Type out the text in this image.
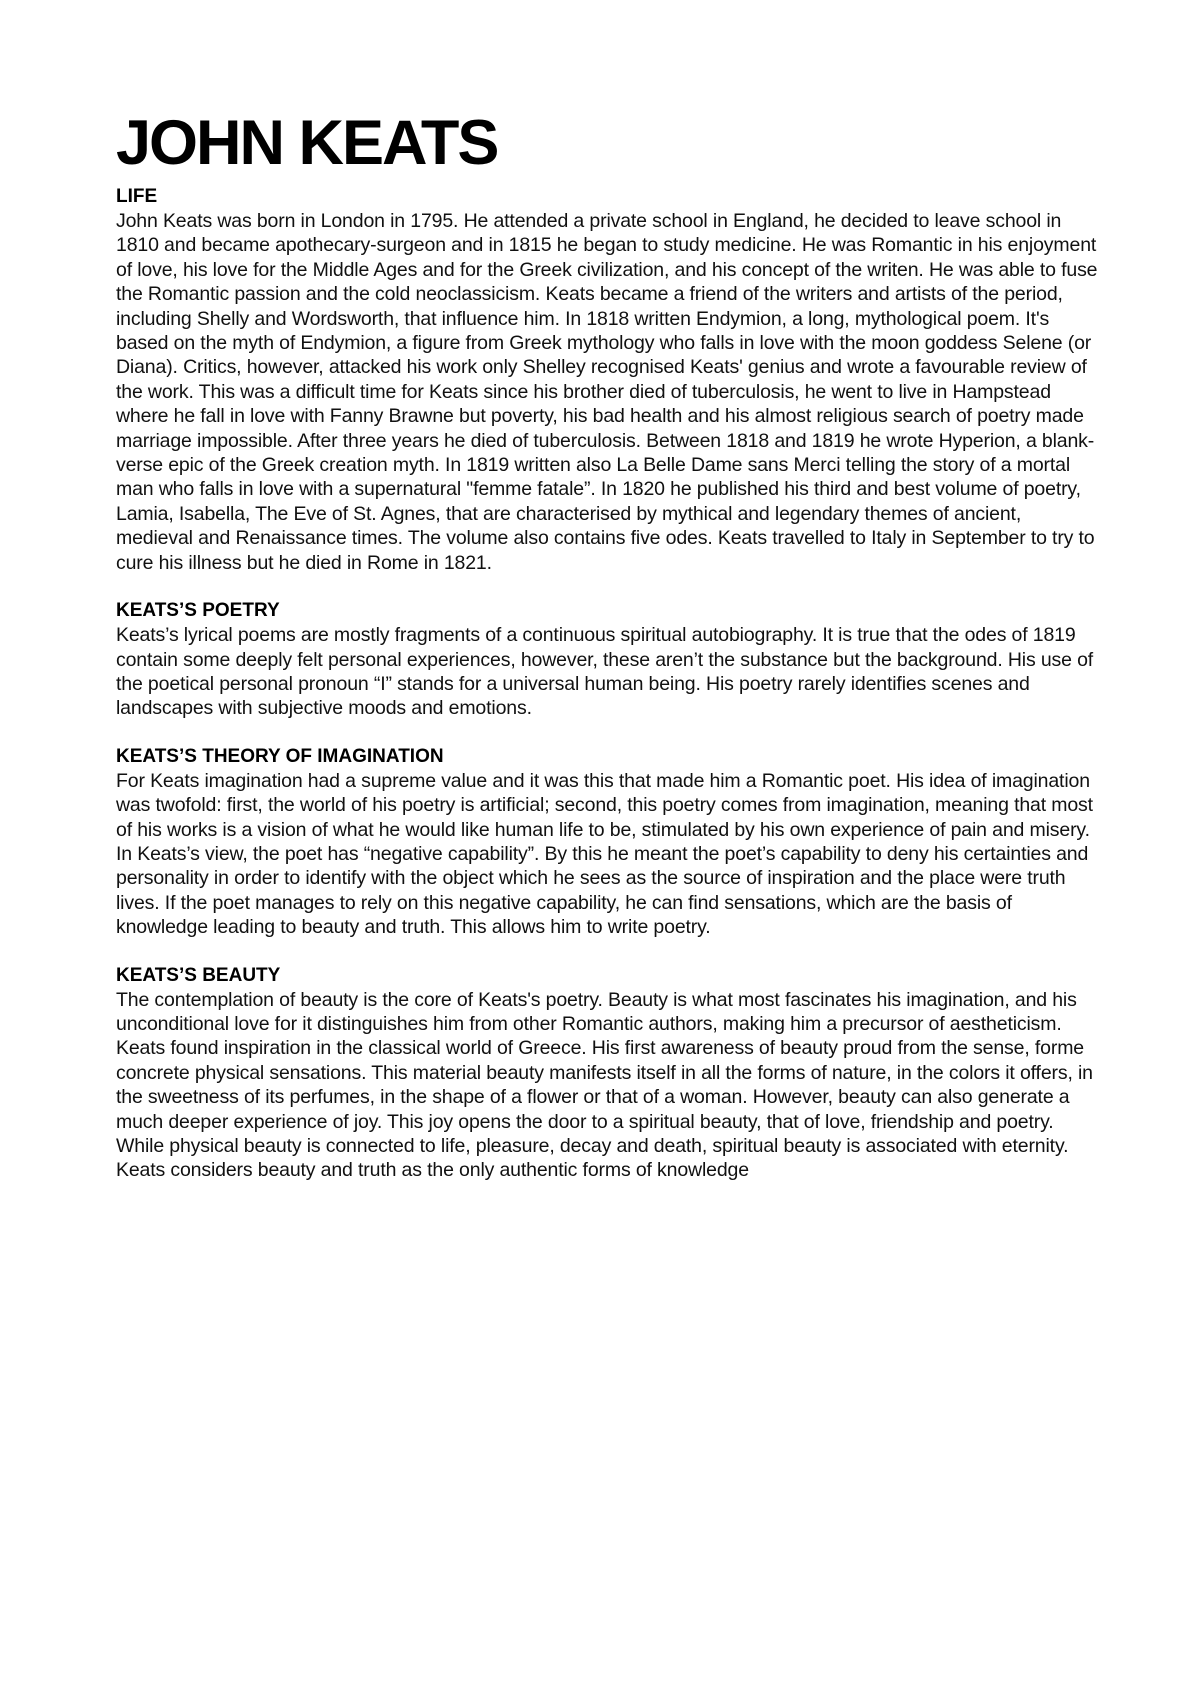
JOHN KEATS
LIFE

John Keats was born in London in 1795. He attended a private school in England, he decided to leave school in 1810 and became apothecary-surgeon and in 1815 he began to study medicine. He was Romantic in his enjoyment of love, his love for the Middle Ages and for the Greek civilization, and his concept of the writen. He was able to fuse the Romantic passion and the cold neoclassicism. Keats became a friend of the writers and artists of the period, including Shelly and Wordsworth, that influence him. In 1818 written Endymion, a long, mythological poem. It's based on the myth of Endymion, a figure from Greek mythology who falls in love with the moon goddess Selene (or Diana). Critics, however, attacked his work only Shelley recognised Keats' genius and wrote a favourable review of the work. This was a difficult time for Keats since his brother died of tuberculosis, he went to live in Hampstead where he fall in love with Fanny Brawne but poverty, his bad health and his almost religious search of poetry made marriage impossible. After three years he died of tuberculosis. Between 1818 and 1819 he wrote Hyperion, a blank-verse epic of the Greek creation myth. In 1819 written also La Belle Dame sans Merci telling the story of a mortal man who falls in love with a supernatural "femme fatale”. In 1820 he published his third and best volume of poetry, Lamia, Isabella, The Eve of St. Agnes, that are characterised by mythical and legendary themes of ancient, medieval and Renaissance times. The volume also contains five odes. Keats travelled to Italy in September to try to cure his illness but he died in Rome in 1821.

KEATS’S POETRY

Keats’s lyrical poems are mostly fragments of a continuous spiritual autobiography. It is true that the odes of 1819 contain some deeply felt personal experiences, however, these aren’t the substance but the background. His use of the poetical personal pronoun “I” stands for a universal human being. His poetry rarely identifies scenes and landscapes with subjective moods and emotions.

KEATS’S THEORY OF IMAGINATION

For Keats imagination had a supreme value and it was this that made him a Romantic poet. His idea of imagination was twofold: first, the world of his poetry is artificial; second, this poetry comes from imagination, meaning that most of his works is a vision of what he would like human life to be, stimulated by his own experience of pain and misery.

In Keats’s view, the poet has “negative capability”. By this he meant the poet’s capability to deny his certainties and personality in order to identify with the object which he sees as the source of inspiration and the place were truth lives. If the poet manages to rely on this negative capability, he can find sensations, which are the basis of knowledge leading to beauty and truth. This allows him to write poetry.

KEATS’S BEAUTY

The contemplation of beauty is the core of Keats's poetry. Beauty is what most fascinates his imagination, and his unconditional love for it distinguishes him from other Romantic authors, making him a precursor of aestheticism. Keats found inspiration in the classical world of Greece. His first awareness of beauty proud from the sense, forme concrete physical sensations. This material beauty manifests itself in all the forms of nature, in the colors it offers, in the sweetness of its perfumes, in the shape of a flower or that of a woman. However, beauty can also generate a much deeper experience of joy. This joy opens the door to a spiritual beauty, that of love, friendship and poetry. While physical beauty is connected to life, pleasure, decay and death, spiritual beauty is associated with eternity. Keats considers beauty and truth as the only authentic forms of knowledge
